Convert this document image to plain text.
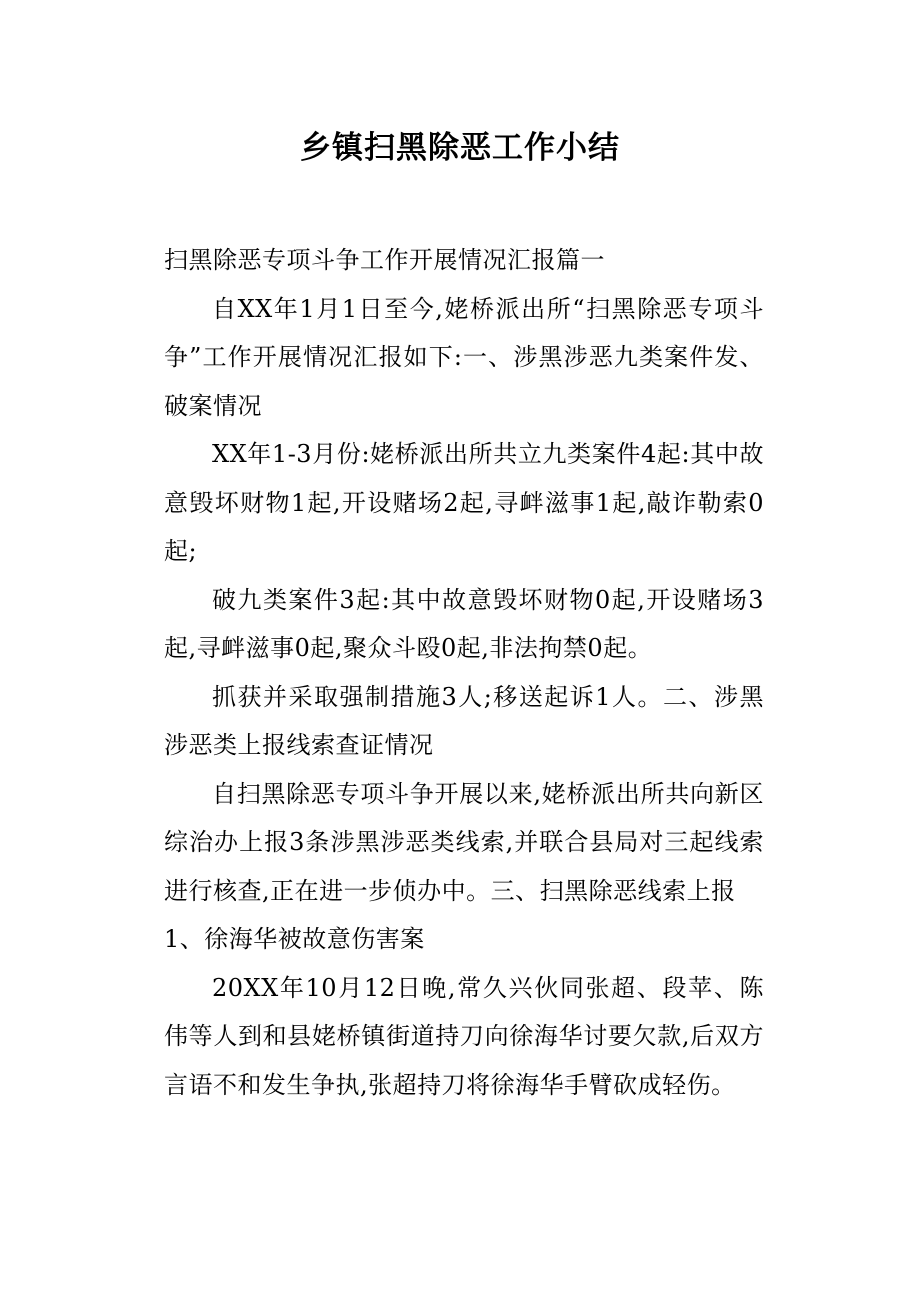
乡镇扫黑除恶工作小结

扫黑除恶专项斗争工作开展情况汇报篇一

自XX年1月1日至今,姥桥派出所“扫黑除恶专项斗争”工作开展情况汇报如下:一、涉黑涉恶九类案件发、破案情况

XX年1-3月份:姥桥派出所共立九类案件4起:其中故意毁坏财物1起,开设赌场2起,寻衅滋事1起,敲诈勒索0起;

破九类案件3起:其中故意毁坏财物0起,开设赌场3起,寻衅滋事0起,聚众斗殴0起,非法拘禁0起。

抓获并采取强制措施3人;移送起诉1人。二、涉黑涉恶类上报线索查证情况

自扫黑除恶专项斗争开展以来,姥桥派出所共向新区综治办上报3条涉黑涉恶类线索,并联合县局对三起线索进行核查,正在进一步侦办中。三、扫黑除恶线索上报

1、徐海华被故意伤害案

20XX年10月12日晚,常久兴伙同张超、段苹、陈伟等人到和县姥桥镇街道持刀向徐海华讨要欠款,后双方言语不和发生争执,张超持刀将徐海华手臂砍成轻伤。
